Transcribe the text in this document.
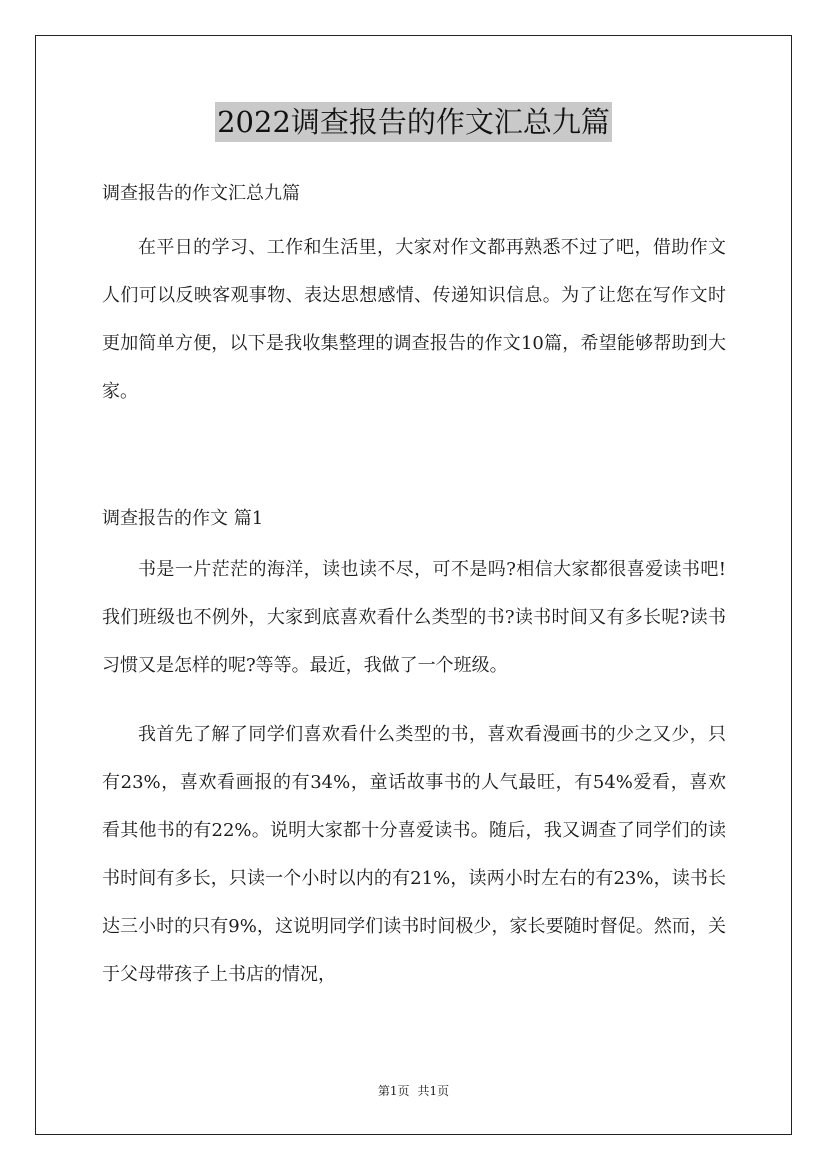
2022调查报告的作文汇总九篇
调查报告的作文汇总九篇

在平日的学习、工作和生活里，大家对作文都再熟悉不过了吧，借助作文人们可以反映客观事物、表达思想感情、传递知识信息。为了让您在写作文时更加简单方便，以下是我收集整理的调查报告的作文10篇，希望能够帮助到大家。

调查报告的作文 篇1

书是一片茫茫的海洋，读也读不尽，可不是吗?相信大家都很喜爱读书吧!我们班级也不例外，大家到底喜欢看什么类型的书?读书时间又有多长呢?读书习惯又是怎样的呢?等等。最近，我做了一个班级。

我首先了解了同学们喜欢看什么类型的书，喜欢看漫画书的少之又少，只有23%，喜欢看画报的有34%，童话故事书的人气最旺，有54%爱看，喜欢看其他书的有22%。说明大家都十分喜爱读书。随后，我又调查了同学们的读书时间有多长，只读一个小时以内的有21%，读两小时左右的有23%，读书长达三小时的只有9%，这说明同学们读书时间极少，家长要随时督促。然而，关于父母带孩子上书店的情况，

第1页 共1页
